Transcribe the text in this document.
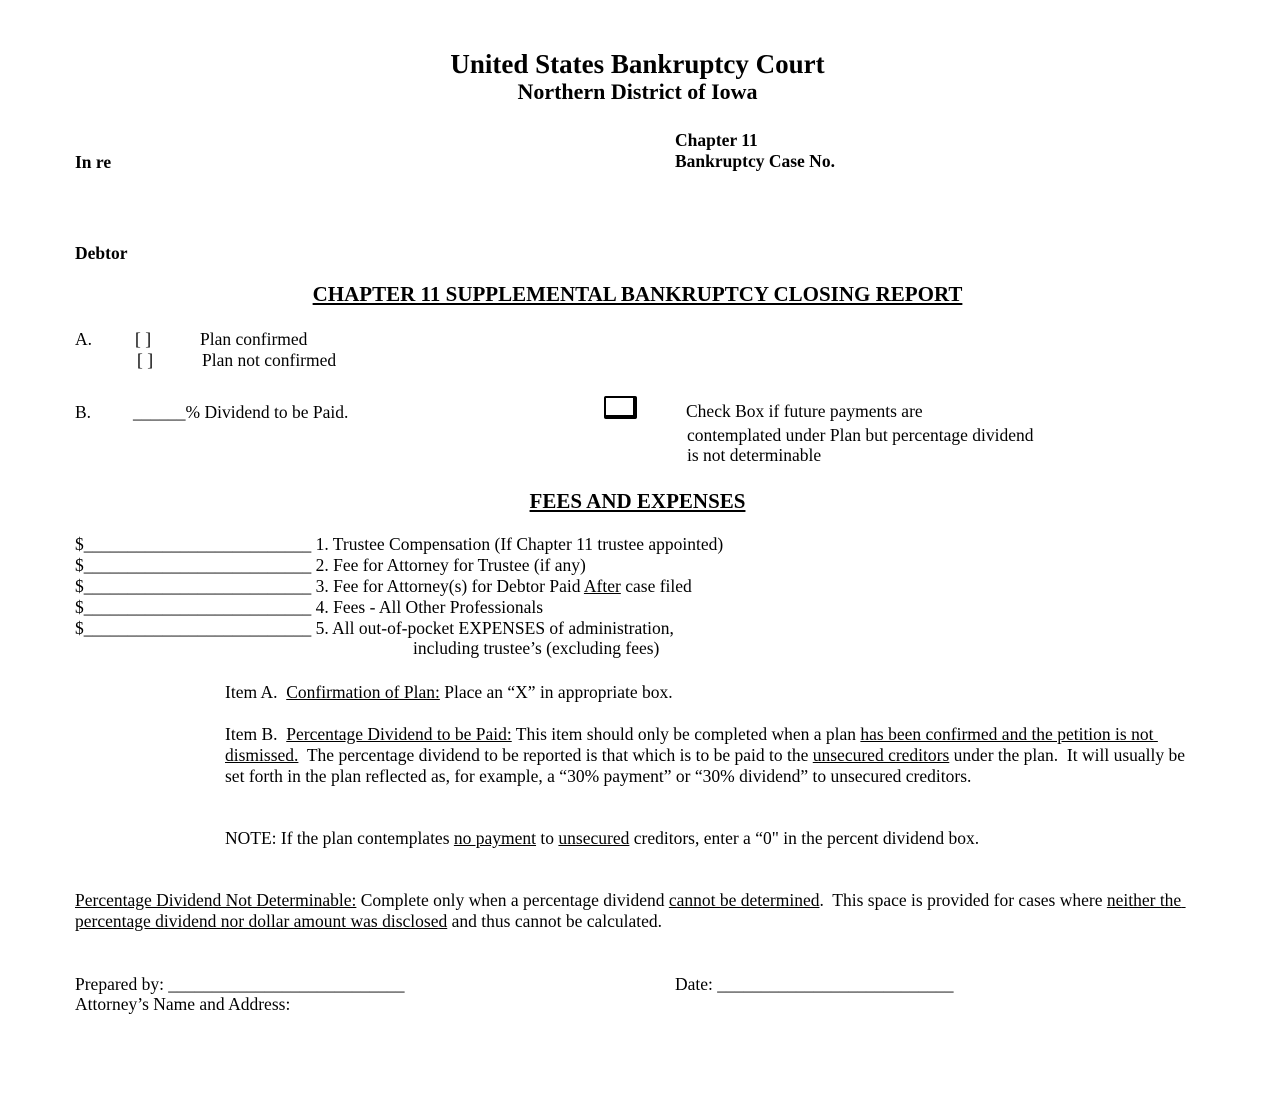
United States Bankruptcy Court
Northern District of Iowa
Chapter 11
In re	Bankruptcy Case No.
Debtor
CHAPTER 11 SUPPLEMENTAL BANKRUPTCY CLOSING REPORT
A. [ ]	Plan confirmed
[ ]	Plan not confirmed
B. ______% Dividend to be Paid.	Check Box if future payments are
contemplated under Plan but percentage dividend
is not determinable
FEES AND EXPENSES
$__________________________ 1. Trustee Compensation (If Chapter 11 trustee appointed)
$__________________________ 2. Fee for Attorney for Trustee (if any)
$__________________________ 3. Fee for Attorney(s) for Debtor Paid After case filed
$__________________________ 4. Fees - All Other Professionals
$__________________________ 5. All out-of-pocket EXPENSES of administration,
including trustee’s (excluding fees)
Item A.  Confirmation of Plan: Place an “X” in appropriate box.
Item B.  Percentage Dividend to be Paid: This item should only be completed when a plan has been confirmed and the petition is not dismissed.  The percentage dividend to be reported is that which is to be paid to the unsecured creditors under the plan.  It will usually be set forth in the plan reflected as, for example, a “30% payment” or “30% dividend” to unsecured creditors.
NOTE: If the plan contemplates no payment to unsecured creditors, enter a “0" in the percent dividend box.
Percentage Dividend Not Determinable: Complete only when a percentage dividend cannot be determined.  This space is provided for cases where neither the percentage dividend nor dollar amount was disclosed and thus cannot be calculated.
Prepared by: ___________________________	Date: ___________________________
Attorney’s Name and Address:
